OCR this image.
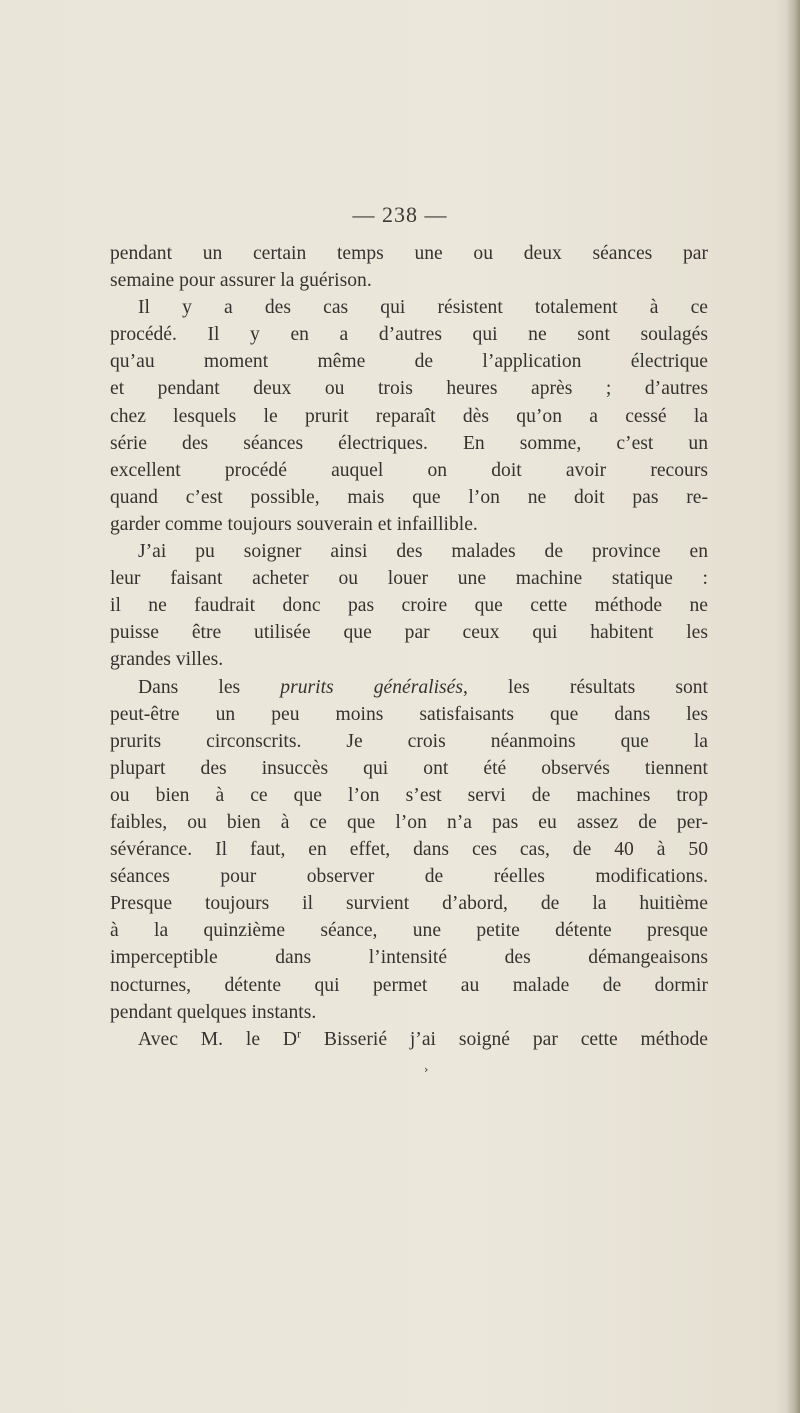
— 238 —
pendant un certain temps une ou deux séances par
semaine pour assurer la guérison.
Il y a des cas qui résistent totalement à ce
procédé. Il y en a d’autres qui ne sont soulagés
qu’au moment même de l’application électrique
et pendant deux ou trois heures après ; d’autres
chez lesquels le prurit reparaît dès qu’on a cessé la
série des séances électriques. En somme, c’est un
excellent procédé auquel on doit avoir recours
quand c’est possible, mais que l’on ne doit pas re-
garder comme toujours souverain et infaillible.
J’ai pu soigner ainsi des malades de province en
leur faisant acheter ou louer une machine statique :
il ne faudrait donc pas croire que cette méthode ne
puisse être utilisée que par ceux qui habitent les
grandes villes.
Dans les prurits généralisés, les résultats sont
peut-être un peu moins satisfaisants que dans les
prurits circonscrits. Je crois néanmoins que la
plupart des insuccès qui ont été observés tiennent
ou bien à ce que l’on s’est servi de machines trop
faibles, ou bien à ce que l’on n’a pas eu assez de per-
sévérance. Il faut, en effet, dans ces cas, de 40 à 50
séances pour observer de réelles modifications.
Presque toujours il survient d’abord, de la huitième
à la quinzième séance, une petite détente presque
imperceptible dans l’intensité des démangeaisons
nocturnes, détente qui permet au malade de dormir
pendant quelques instants.
Avec M. le $D^r$ Bisserié j’ai soigné par cette méthode
›
